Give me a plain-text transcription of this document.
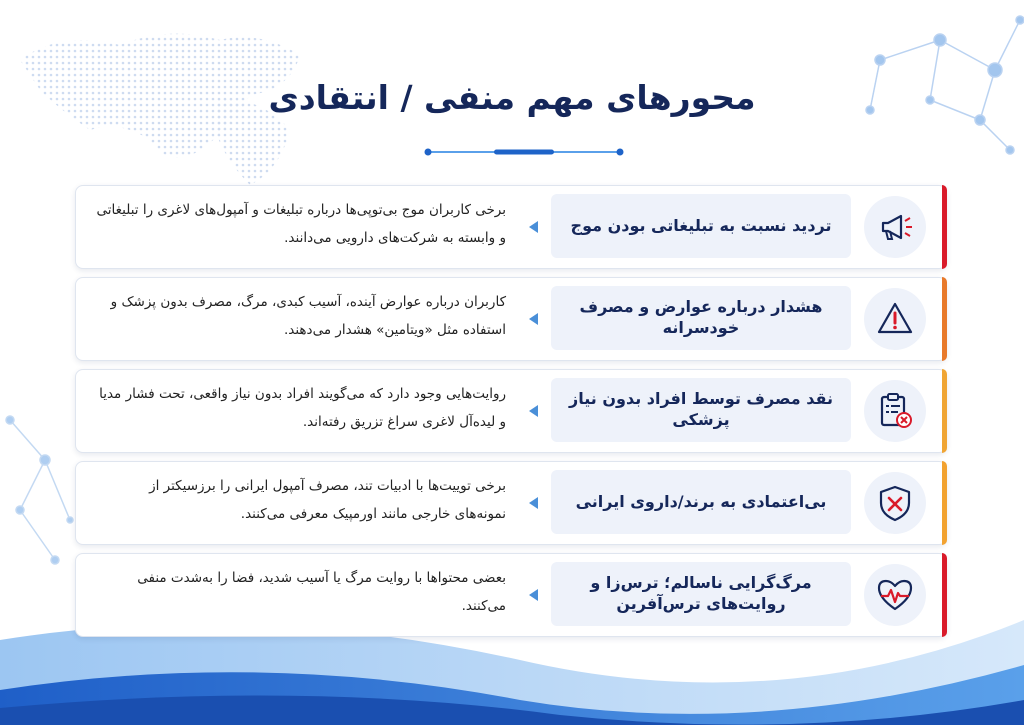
محورهای مهم منفی / انتقادی
تردید نسبت به تبلیغاتی بودن موج
برخی کاربران موج بی‌توپی‌ها درباره تبلیغات و آمپول‌های لاغری را تبلیغاتی و وابسته به شرکت‌های دارویی می‌دانند.
هشدار درباره عوارض و مصرف خودسرانه
کاربران درباره عوارض آینده، آسیب کبدی، مرگ، مصرف بدون پزشک و استفاده مثل «ویتامین» هشدار می‌دهند.
نقد مصرف توسط افراد بدون نیاز پزشکی
روایت‌هایی وجود دارد که می‌گویند افراد بدون نیاز واقعی، تحت فشار مدیا و لیده‌آل لاغری سراغ تزریق رفته‌اند.
بی‌اعتمادی به برند/داروی ایرانی
برخی توییت‌ها با ادبیات تند، مصرف آمپول ایرانی را برزسیکتر از نمونه‌های خارجی مانند اورمپیک معرفی می‌کنند.
مرگ‌گرایی ناسالم؛ ترس‌زا و روایت‌های ترس‌آفرین
بعضی محتواها با روایت مرگ یا آسیب شدید، فضا را به‌شدت منفی می‌کنند.
